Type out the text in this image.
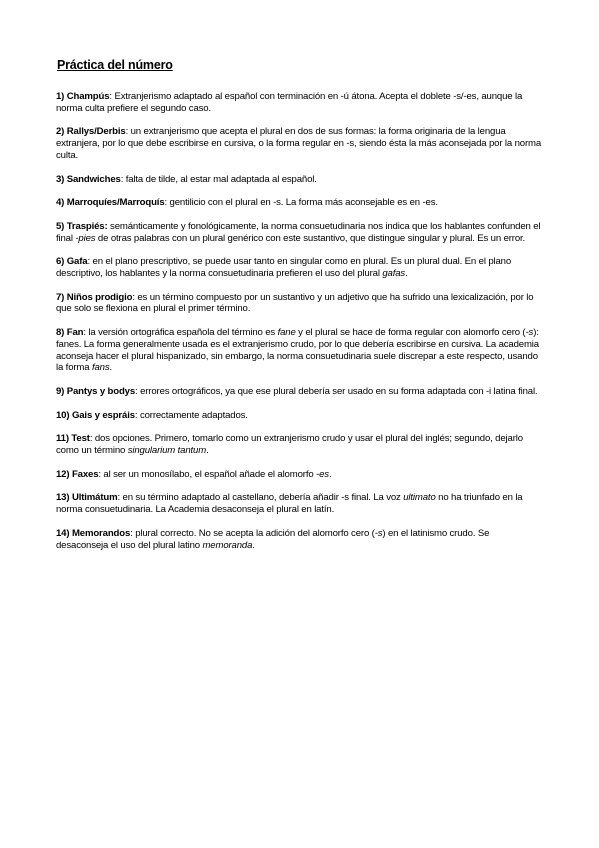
Práctica del número

1) Champús: Extranjerismo adaptado al español con terminación en -ú átona. Acepta el doblete -s/-es, aunque la norma culta prefiere el segundo caso.

2) Rallys/Derbis: un extranjerismo que acepta el plural en dos de sus formas: la forma originaria de la lengua extranjera, por lo que debe escribirse en cursiva, o la forma regular en -s, siendo ésta la más aconsejada por la norma culta.

3) Sandwiches: falta de tilde, al estar mal adaptada al español.

4) Marroquíes/Marroquís: gentilicio con el plural en -s. La forma más aconsejable es en -es.

5) Traspiés: semánticamente y fonológicamente, la norma consuetudinaria nos indica que los hablantes confunden el final -pies de otras palabras con un plural genérico con este sustantivo, que distingue singular y plural. Es un error.

6) Gafa: en el plano prescriptivo, se puede usar tanto en singular como en plural. Es un plural dual. En el plano descriptivo, los hablantes y la norma consuetudinaria prefieren el uso del plural gafas.

7) Niños prodigio: es un término compuesto por un sustantivo y un adjetivo que ha sufrido una lexicalización, por lo que solo se flexiona en plural el primer término.

8) Fan: la versión ortográfica española del término es fane y el plural se hace de forma regular con alomorfo cero (-s): fanes. La forma generalmente usada es el extranjerismo crudo, por lo que debería escribirse en cursiva. La academia aconseja hacer el plural hispanizado, sin embargo, la norma consuetudinaria suele discrepar a este respecto, usando la forma fans.

9) Pantys y bodys: errores ortográficos, ya que ese plural debería ser usado en su forma adaptada con -i latina final.

10) Gais y espráis: correctamente adaptados.

11) Test: dos opciones. Primero, tomarlo como un extranjerismo crudo y usar el plural del inglés; segundo, dejarlo como un término singularium tantum.

12) Faxes: al ser un monosílabo, el español añade el alomorfo -es.

13) Ultimátum: en su término adaptado al castellano, debería añadir -s final. La voz ultimato no ha triunfado en la norma consuetudinaria. La Academia desaconseja el plural en latín.

14) Memorandos: plural correcto. No se acepta la adición del alomorfo cero (-s) en el latinismo crudo. Se desaconseja el uso del plural latino memoranda.
